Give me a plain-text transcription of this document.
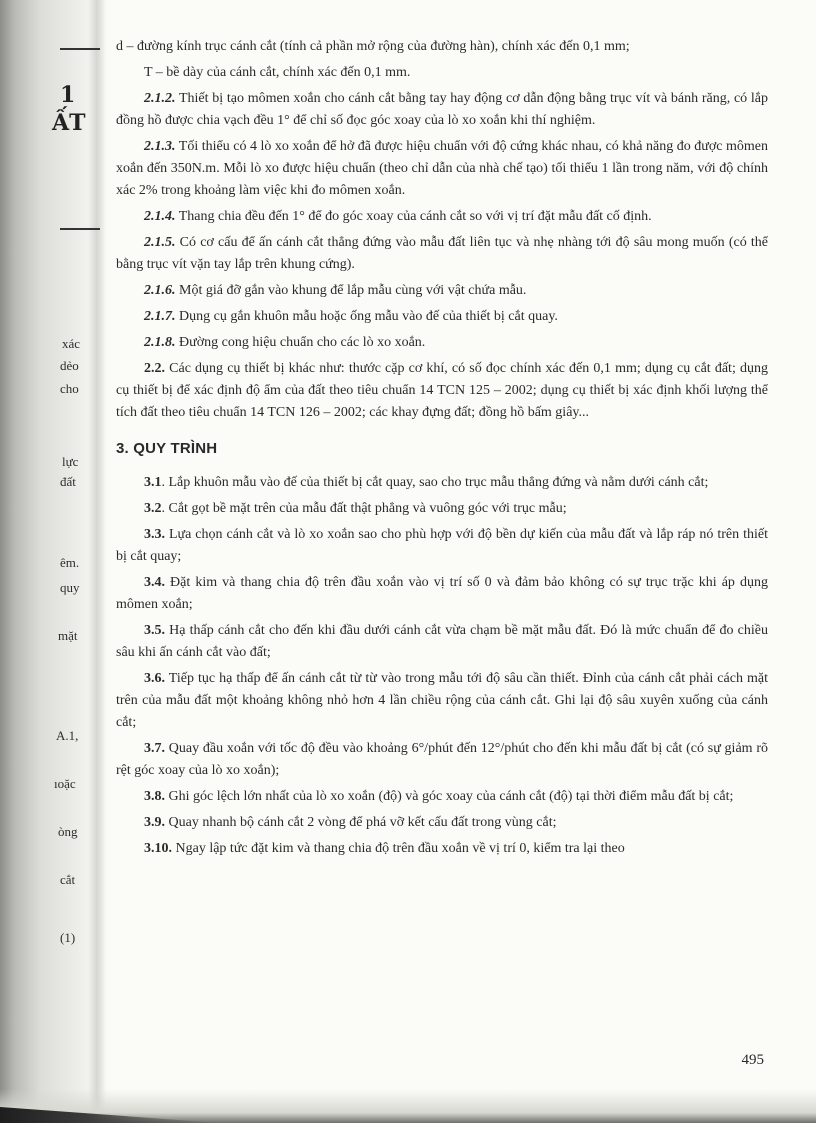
1
ẤT
xác
dẻo
cho
lực
đất
êm.
quy
mặt
A.1,
ıoặc
òng
cắt
(1)

d – đường kính trục cánh cắt (tính cả phần mở rộng của đường hàn), chính xác đến 0,1 mm;

T – bề dày của cánh cắt, chính xác đến 0,1 mm.

2.1.2. Thiết bị tạo mômen xoắn cho cánh cắt bằng tay hay động cơ dẫn động bằng trục vít và bánh răng, có lắp đồng hồ được chia vạch đều 1° để chỉ số đọc góc xoay của lò xo xoắn khi thí nghiệm.

2.1.3. Tối thiểu có 4 lò xo xoắn để hở đã được hiệu chuẩn với độ cứng khác nhau, có khả năng đo được mômen xoắn đến 350N.m. Mỗi lò xo được hiệu chuẩn (theo chỉ dẫn của nhà chế tạo) tối thiểu 1 lần trong năm, với độ chính xác 2% trong khoảng làm việc khi đo mômen xoắn.

2.1.4. Thang chia đều đến 1° để đo góc xoay của cánh cắt so với vị trí đặt mẫu đất cố định.

2.1.5. Có cơ cấu để ấn cánh cắt thẳng đứng vào mẫu đất liên tục và nhẹ nhàng tới độ sâu mong muốn (có thể bằng trục vít vặn tay lắp trên khung cứng).

2.1.6. Một giá đỡ gắn vào khung để lắp mẫu cùng với vật chứa mẫu.

2.1.7. Dụng cụ gắn khuôn mẫu hoặc ống mẫu vào đế của thiết bị cắt quay.

2.1.8. Đường cong hiệu chuẩn cho các lò xo xoắn.

2.2. Các dụng cụ thiết bị khác như: thước cặp cơ khí, có số đọc chính xác đến 0,1 mm; dụng cụ cắt đất; dụng cụ thiết bị để xác định độ ẩm của đất theo tiêu chuẩn 14 TCN 125 – 2002; dụng cụ thiết bị xác định khối lượng thể tích đất theo tiêu chuẩn 14 TCN 126 – 2002; các khay đựng đất; đồng hồ bấm giây...

3. QUY TRÌNH

3.1. Lắp khuôn mẫu vào đế của thiết bị cắt quay, sao cho trục mẫu thẳng đứng và nằm dưới cánh cắt;

3.2. Cắt gọt bề mặt trên của mẫu đất thật phẳng và vuông góc với trục mẫu;

3.3. Lựa chọn cánh cắt và lò xo xoắn sao cho phù hợp với độ bền dự kiến của mẫu đất và lắp ráp nó trên thiết bị cắt quay;

3.4. Đặt kim và thang chia độ trên đầu xoắn vào vị trí số 0 và đảm bảo không có sự trục trặc khi áp dụng mômen xoắn;

3.5. Hạ thấp cánh cắt cho đến khi đầu dưới cánh cắt vừa chạm bề mặt mẫu đất. Đó là mức chuẩn để đo chiều sâu khi ấn cánh cắt vào đất;

3.6. Tiếp tục hạ thấp để ấn cánh cắt từ từ vào trong mẫu tới độ sâu cần thiết. Đỉnh của cánh cắt phải cách mặt trên của mẫu đất một khoảng không nhỏ hơn 4 lần chiều rộng của cánh cắt. Ghi lại độ sâu xuyên xuống của cánh cắt;

3.7. Quay đầu xoắn với tốc độ đều vào khoảng 6°/phút đến 12°/phút cho đến khi mẫu đất bị cắt (có sự giảm rõ rệt góc xoay của lò xo xoắn);

3.8. Ghi góc lệch lớn nhất của lò xo xoắn (độ) và góc xoay của cánh cắt (độ) tại thời điểm mẫu đất bị cắt;

3.9. Quay nhanh bộ cánh cắt 2 vòng để phá vỡ kết cấu đất trong vùng cắt;

3.10. Ngay lập tức đặt kim và thang chia độ trên đầu xoắn về vị trí 0, kiểm tra lại theo

495
